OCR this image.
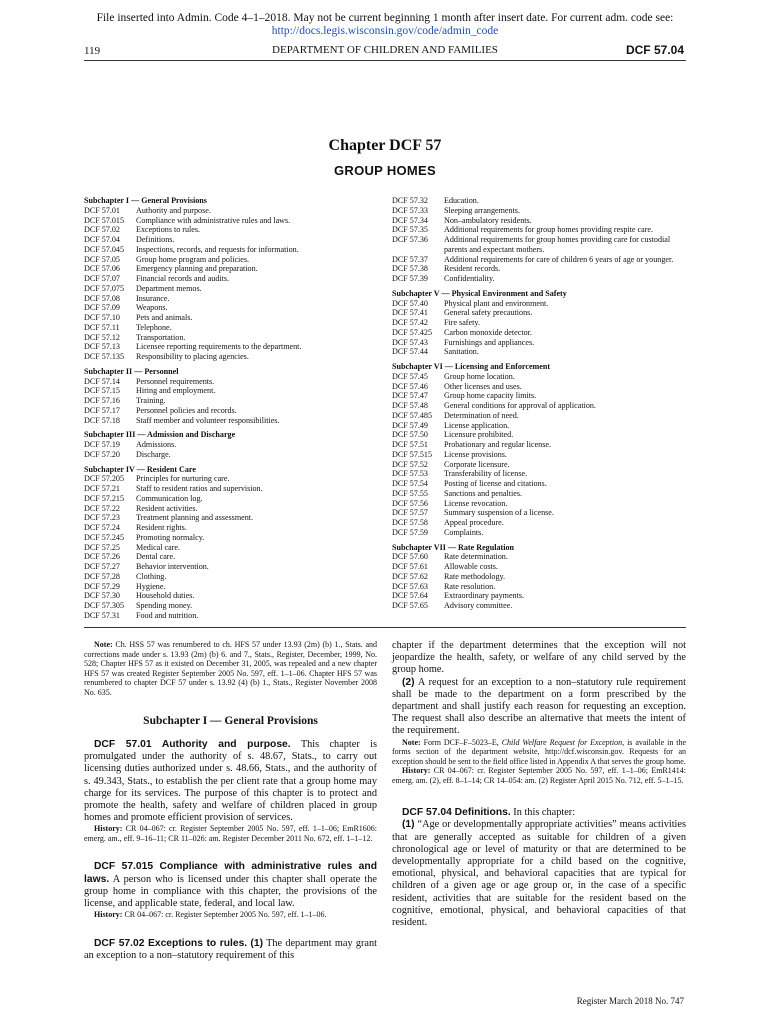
File inserted into Admin. Code 4–1–2018. May not be current beginning 1 month after insert date. For current adm. code see:
http://docs.legis.wisconsin.gov/code/admin_code
119	DEPARTMENT OF CHILDREN AND FAMILIES	DCF 57.04
Chapter DCF 57
GROUP HOMES
Subchapter I — General Provisions
DCF 57.01	Authority and purpose.
DCF 57.015	Compliance with administrative rules and laws.
DCF 57.02	Exceptions to rules.
DCF 57.04	Definitions.
DCF 57.045	Inspections, records, and requests for information.
DCF 57.05	Group home program and policies.
DCF 57.06	Emergency planning and preparation.
DCF 57.07	Financial records and audits.
DCF 57.075	Department memos.
DCF 57.08	Insurance.
DCF 57.09	Weapons.
DCF 57.10	Pets and animals.
DCF 57.11	Telephone.
DCF 57.12	Transportation.
DCF 57.13	Licensee reporting requirements to the department.
DCF 57.135	Responsibility to placing agencies.
Subchapter II — Personnel
DCF 57.14	Personnel requirements.
DCF 57.15	Hiring and employment.
DCF 57.16	Training.
DCF 57.17	Personnel policies and records.
DCF 57.18	Staff member and volunteer responsibilities.
Subchapter III — Admission and Discharge
DCF 57.19	Admissions.
DCF 57.20	Discharge.
Subchapter IV — Resident Care
DCF 57.205	Principles for nurturing care.
DCF 57.21	Staff to resident ratios and supervision.
DCF 57.215	Communication log.
DCF 57.22	Resident activities.
DCF 57.23	Treatment planning and assessment.
DCF 57.24	Resident rights.
DCF 57.245	Promoting normalcy.
DCF 57.25	Medical care.
DCF 57.26	Dental care.
DCF 57.27	Behavior intervention.
DCF 57.28	Clothing.
DCF 57.29	Hygiene.
DCF 57.30	Household duties.
DCF 57.305	Spending money.
DCF 57.31	Food and nutrition.
DCF 57.32	Education.
DCF 57.33	Sleeping arrangements.
DCF 57.34	Non–ambulatory residents.
DCF 57.35	Additional requirements for group homes providing respite care.
DCF 57.36	Additional requirements for group homes providing care for custodial parents and expectant mothers.
DCF 57.37	Additional requirements for care of children 6 years of age or younger.
DCF 57.38	Resident records.
DCF 57.39	Confidentiality.
Subchapter V — Physical Environment and Safety
DCF 57.40	Physical plant and environment.
DCF 57.41	General safety precautions.
DCF 57.42	Fire safety.
DCF 57.425	Carbon monoxide detector.
DCF 57.43	Furnishings and appliances.
DCF 57.44	Sanitation.
Subchapter VI — Licensing and Enforcement
DCF 57.45	Group home location.
DCF 57.46	Other licenses and uses.
DCF 57.47	Group home capacity limits.
DCF 57.48	General conditions for approval of application.
DCF 57.485	Determination of need.
DCF 57.49	License application.
DCF 57.50	Licensure prohibited.
DCF 57.51	Probationary and regular license.
DCF 57.515	License provisions.
DCF 57.52	Corporate licensure.
DCF 57.53	Transferability of license.
DCF 57.54	Posting of license and citations.
DCF 57.55	Sanctions and penalties.
DCF 57.56	License revocation.
DCF 57.57	Summary suspension of a license.
DCF 57.58	Appeal procedure.
DCF 57.59	Complaints.
Subchapter VII — Rate Regulation
DCF 57.60	Rate determination.
DCF 57.61	Allowable costs.
DCF 57.62	Rate methodology.
DCF 57.63	Rate resolution.
DCF 57.64	Extraordinary payments.
DCF 57.65	Advisory committee.

Note: Ch. HSS 57 was renumbered to ch. HFS 57 under 13.93 (2m) (b) 1., Stats. and corrections made under s. 13.93 (2m) (b) 6. and 7., Stats., Register, December, 1999, No. 528; Chapter HFS 57 as it existed on December 31, 2005, was repealed and a new chapter HFS 57 was created Register September 2005 No. 597, eff. 1–1–06. Chapter HFS 57 was renumbered to chapter DCF 57 under s. 13.92 (4) (b) 1., Stats., Register November 2008 No. 635.

Subchapter I — General Provisions

DCF 57.01 Authority and purpose. This chapter is promulgated under the authority of s. 48.67, Stats., to carry out licensing duties authorized under s. 48.66, Stats., and the authority of s. 49.343, Stats., to establish the per client rate that a group home may charge for its services. The purpose of this chapter is to protect and promote the health, safety and welfare of children placed in group homes and promote efficient provision of services.

History: CR 04–067: cr. Register September 2005 No. 597, eff. 1–1–06; EmR1606: emerg. am., eff. 9–16–11; CR 11–026: am. Register December 2011 No. 672, eff. 1–1–12.

DCF 57.015 Compliance with administrative rules and laws. A person who is licensed under this chapter shall operate the group home in compliance with this chapter, the provisions of the license, and applicable state, federal, and local law.

History: CR 04–067: cr. Register September 2005 No. 597, eff. 1–1–06.

DCF 57.02 Exceptions to rules. (1) The department may grant an exception to a non–statutory requirement of this

chapter if the department determines that the exception will not jeopardize the health, safety, or welfare of any child served by the group home.

(2) A request for an exception to a non–statutory rule requirement shall be made to the department on a form prescribed by the department and shall justify each reason for requesting an exception. The request shall also describe an alternative that meets the intent of the requirement.

Note: Form DCF–F–5023–E, Child Welfare Request for Exception, is available in the forms section of the department website, http://dcf.wisconsin.gov. Requests for an exception should be sent to the field office listed in Appendix A that serves the group home.

History: CR 04–067: cr. Register September 2005 No. 597, eff. 1–1–06; EmR1414: emerg. am. (2), eff. 8–1–14; CR 14–054: am. (2) Register April 2015 No. 712, eff. 5–1–15.

DCF 57.04 Definitions. In this chapter:

(1) “Age or developmentally appropriate activities” means activities that are generally accepted as suitable for children of a given chronological age or level of maturity or that are determined to be developmentally appropriate for a child based on the cognitive, emotional, physical, and behavioral capacities that are typical for children of a given age or age group or, in the case of a specific resident, activities that are suitable for the resident based on the cognitive, emotional, physical, and behavioral capacities of that resident.

Register March 2018 No. 747
